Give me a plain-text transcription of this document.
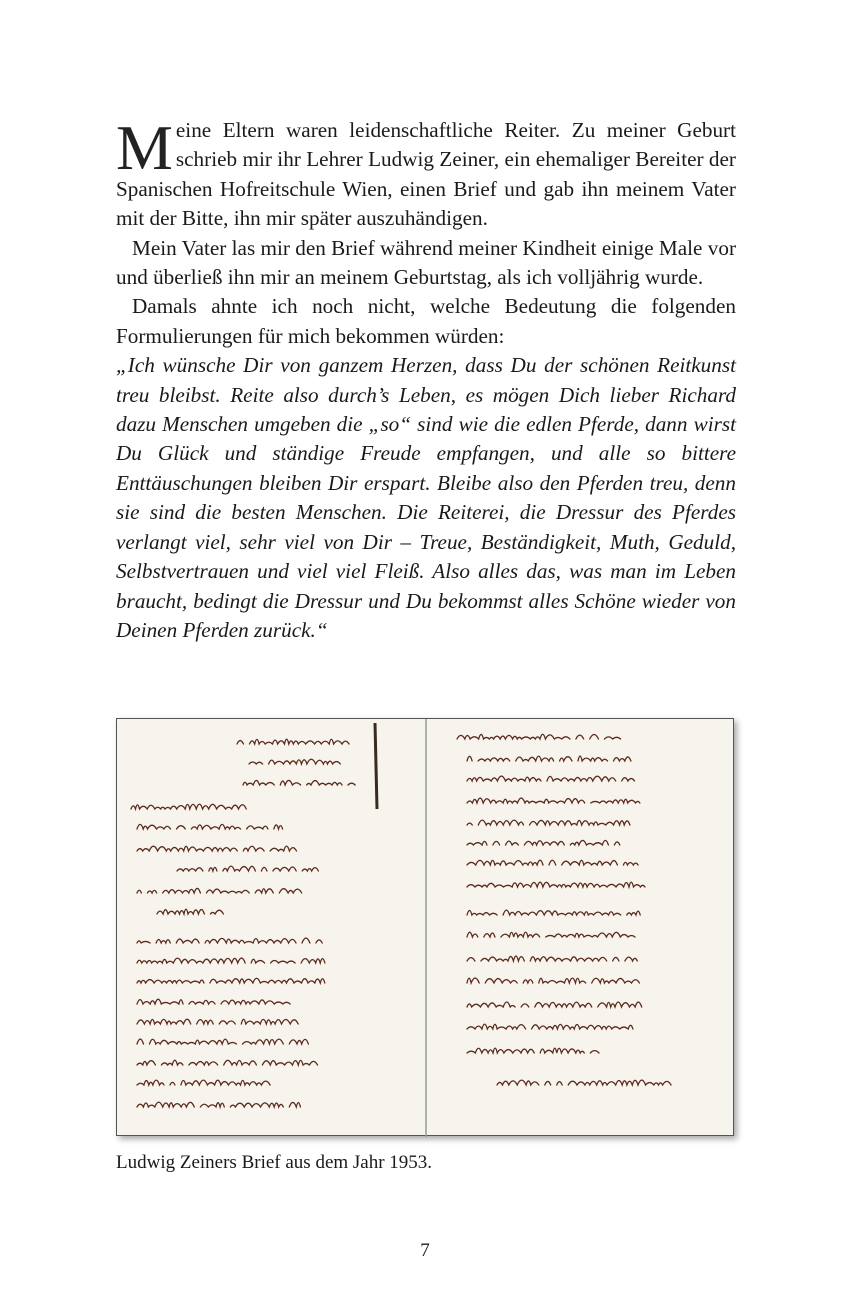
Meine Eltern waren leidenschaftliche Reiter. Zu meiner Geburt schrieb mir ihr Lehrer Ludwig Zeiner, ein ehemaliger Bereiter der Spanischen Hofreitschule Wien, einen Brief und gab ihn meinem Vater mit der Bitte, ihn mir später auszuhändigen.

Mein Vater las mir den Brief während meiner Kindheit einige Male vor und überließ ihn mir an meinem Geburtstag, als ich volljährig wurde.

Damals ahnte ich noch nicht, welche Bedeutung die folgenden Formulierungen für mich bekommen würden:

„Ich wünsche Dir von ganzem Herzen, dass Du der schönen Reitkunst treu bleibst. Reite also durch’s Leben, es mögen Dich lieber Richard dazu Menschen umgeben die „so“ sind wie die edlen Pferde, dann wirst Du Glück und ständige Freude empfangen, und alle so bittere Enttäuschungen bleiben Dir erspart. Bleibe also den Pferden treu, denn sie sind die besten Menschen. Die Reiterei, die Dressur des Pferdes verlangt viel, sehr viel von Dir – Treue, Beständigkeit, Muth, Geduld, Selbstvertrauen und viel viel Fleiß. Also alles das, was man im Leben braucht, bedingt die Dressur und Du bekommst alles Schöne wieder von Deinen Pferden zurück.“

Ludwig Zeiners Brief aus dem Jahr 1953.
7
